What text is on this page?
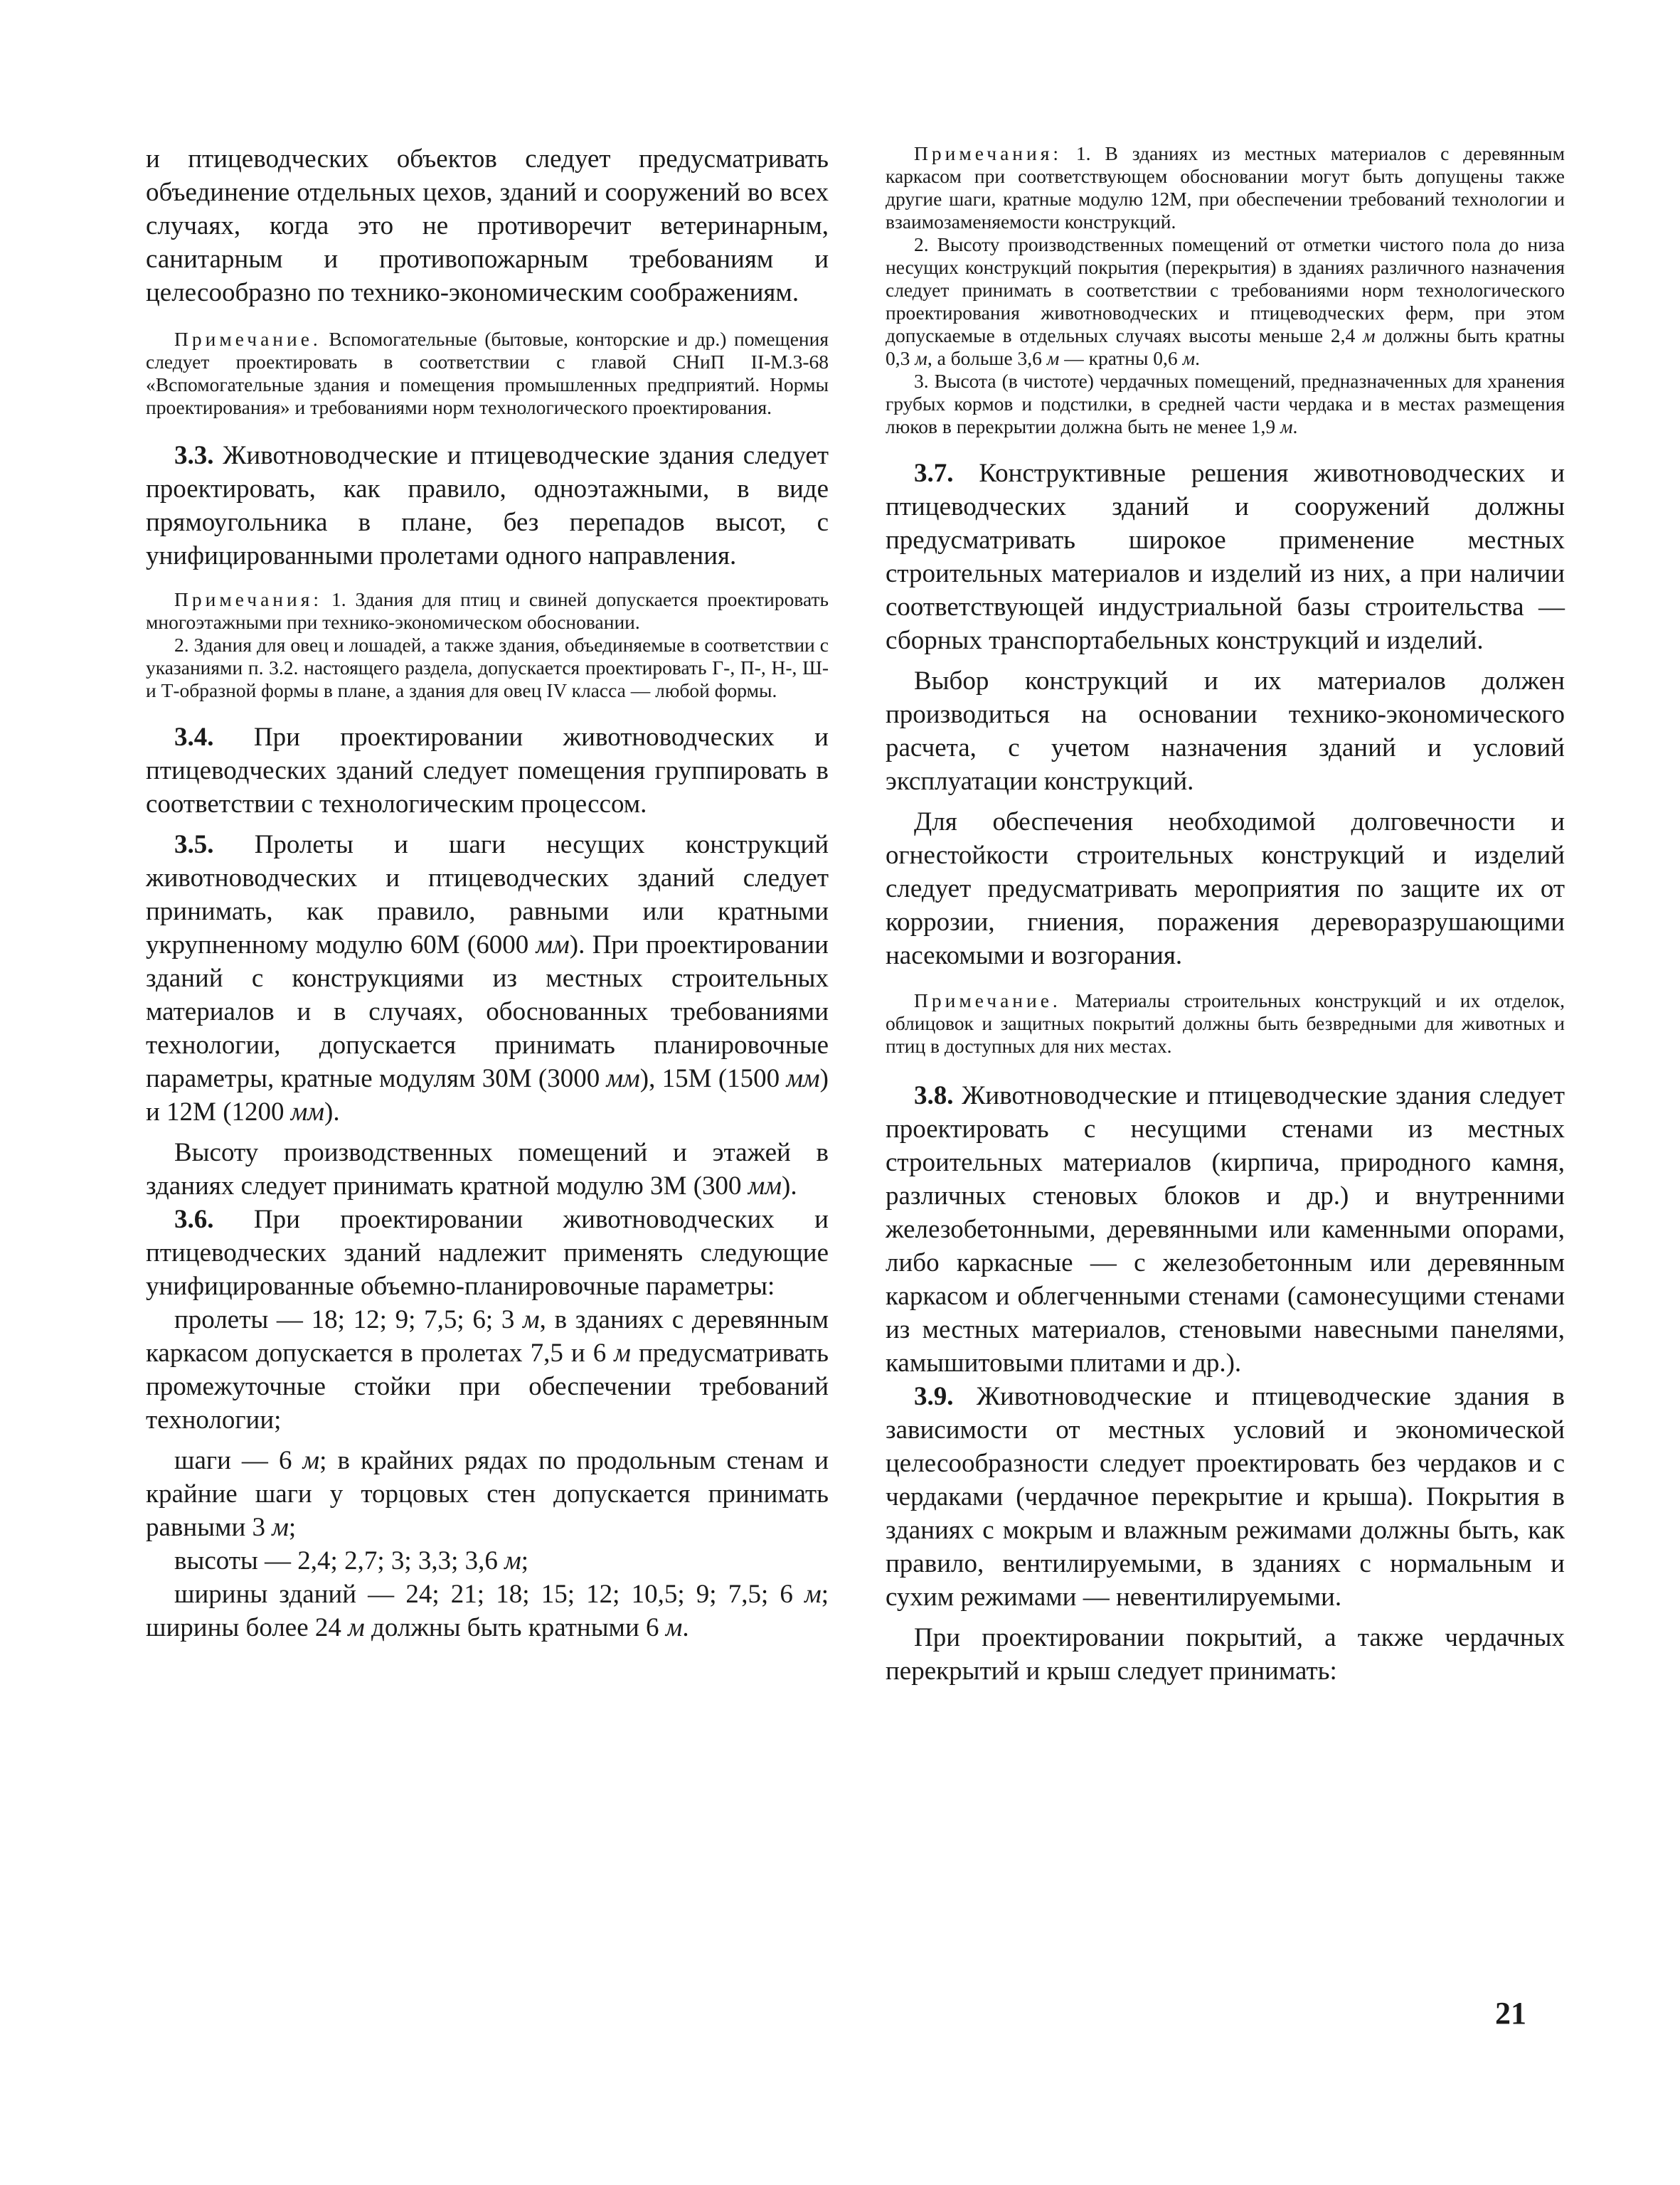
и птицеводческих объектов следует предусматривать объединение отдельных цехов, зданий и сооружений во всех случаях, когда это не противоречит ветеринарным, санитарным и противопожарным требованиям и целесообразно по технико-экономическим соображениям.

Примечание. Вспомогательные (бытовые, конторские и др.) помещения следует проектировать в соответствии с главой СНиП II-М.3-68 «Вспомогательные здания и помещения промышленных предприятий. Нормы проектирования» и требованиями норм технологического проектирования.

3.3. Животноводческие и птицеводческие здания следует проектировать, как правило, одноэтажными, в виде прямоугольника в плане, без перепадов высот, с унифицированными пролетами одного направления.

Примечания: 1. Здания для птиц и свиней допускается проектировать многоэтажными при технико-экономическом обосновании.

2. Здания для овец и лошадей, а также здания, объединяемые в соответствии с указаниями п. 3.2. настоящего раздела, допускается проектировать Г-, П-, Н-, Ш- и Т-образной формы в плане, а здания для овец IV класса — любой формы.

3.4. При проектировании животноводческих и птицеводческих зданий следует помещения группировать в соответствии с технологическим процессом.

3.5. Пролеты и шаги несущих конструкций животноводческих и птицеводческих зданий следует принимать, как правило, равными или кратными укрупненному модулю 60М (6000 мм). При проектировании зданий с конструкциями из местных строительных материалов и в случаях, обоснованных требованиями технологии, допускается принимать планировочные параметры, кратные модулям 30М (3000 мм), 15М (1500 мм) и 12М (1200 мм).

Высоту производственных помещений и этажей в зданиях следует принимать кратной модулю 3М (300 мм).

3.6. При проектировании животноводческих и птицеводческих зданий надлежит применять следующие унифицированные объемно-планировочные параметры:

пролеты — 18; 12; 9; 7,5; 6; 3 м, в зданиях с деревянным каркасом допускается в пролетах 7,5 и 6 м предусматривать промежуточные стойки при обеспечении требований технологии;

шаги — 6 м; в крайних рядах по продольным стенам и крайние шаги у торцовых стен допускается принимать равными 3 м;

высоты — 2,4; 2,7; 3; 3,3; 3,6 м;

ширины зданий — 24; 21; 18; 15; 12; 10,5; 9; 7,5; 6 м; ширины более 24 м должны быть кратными 6 м.

Примечания: 1. В зданиях из местных материалов с деревянным каркасом при соответствующем обосновании могут быть допущены также другие шаги, кратные модулю 12М, при обеспечении требований технологии и взаимозаменяемости конструкций.

2. Высоту производственных помещений от отметки чистого пола до низа несущих конструкций покрытия (перекрытия) в зданиях различного назначения следует принимать в соответствии с требованиями норм технологического проектирования животноводческих и птицеводческих ферм, при этом допускаемые в отдельных случаях высоты меньше 2,4 м должны быть кратны 0,3 м, а больше 3,6 м — кратны 0,6 м.

3. Высота (в чистоте) чердачных помещений, предназначенных для хранения грубых кормов и подстилки, в средней части чердака и в местах размещения люков в перекрытии должна быть не менее 1,9 м.

3.7. Конструктивные решения животноводческих и птицеводческих зданий и сооружений должны предусматривать широкое применение местных строительных материалов и изделий из них, а при наличии соответствующей индустриальной базы строительства — сборных транспортабельных конструкций и изделий.

Выбор конструкций и их материалов должен производиться на основании технико-экономического расчета, с учетом назначения зданий и условий эксплуатации конструкций.

Для обеспечения необходимой долговечности и огнестойкости строительных конструкций и изделий следует предусматривать мероприятия по защите их от коррозии, гниения, поражения дереворазрушающими насекомыми и возгорания.

Примечание. Материалы строительных конструкций и их отделок, облицовок и защитных покрытий должны быть безвредными для животных и птиц в доступных для них местах.

3.8. Животноводческие и птицеводческие здания следует проектировать с несущими стенами из местных строительных материалов (кирпича, природного камня, различных стеновых блоков и др.) и внутренними железобетонными, деревянными или каменными опорами, либо каркасные — с железобетонным или деревянным каркасом и облегченными стенами (самонесущими стенами из местных материалов, стеновыми навесными панелями, камышитовыми плитами и др.).

3.9. Животноводческие и птицеводческие здания в зависимости от местных условий и экономической целесообразности следует проектировать без чердаков и с чердаками (чердачное перекрытие и крыша). Покрытия в зданиях с мокрым и влажным режимами должны быть, как правило, вентилируемыми, в зданиях с нормальным и сухим режимами — невентилируемыми.

При проектировании покрытий, а также чердачных перекрытий и крыш следует принимать:

21
